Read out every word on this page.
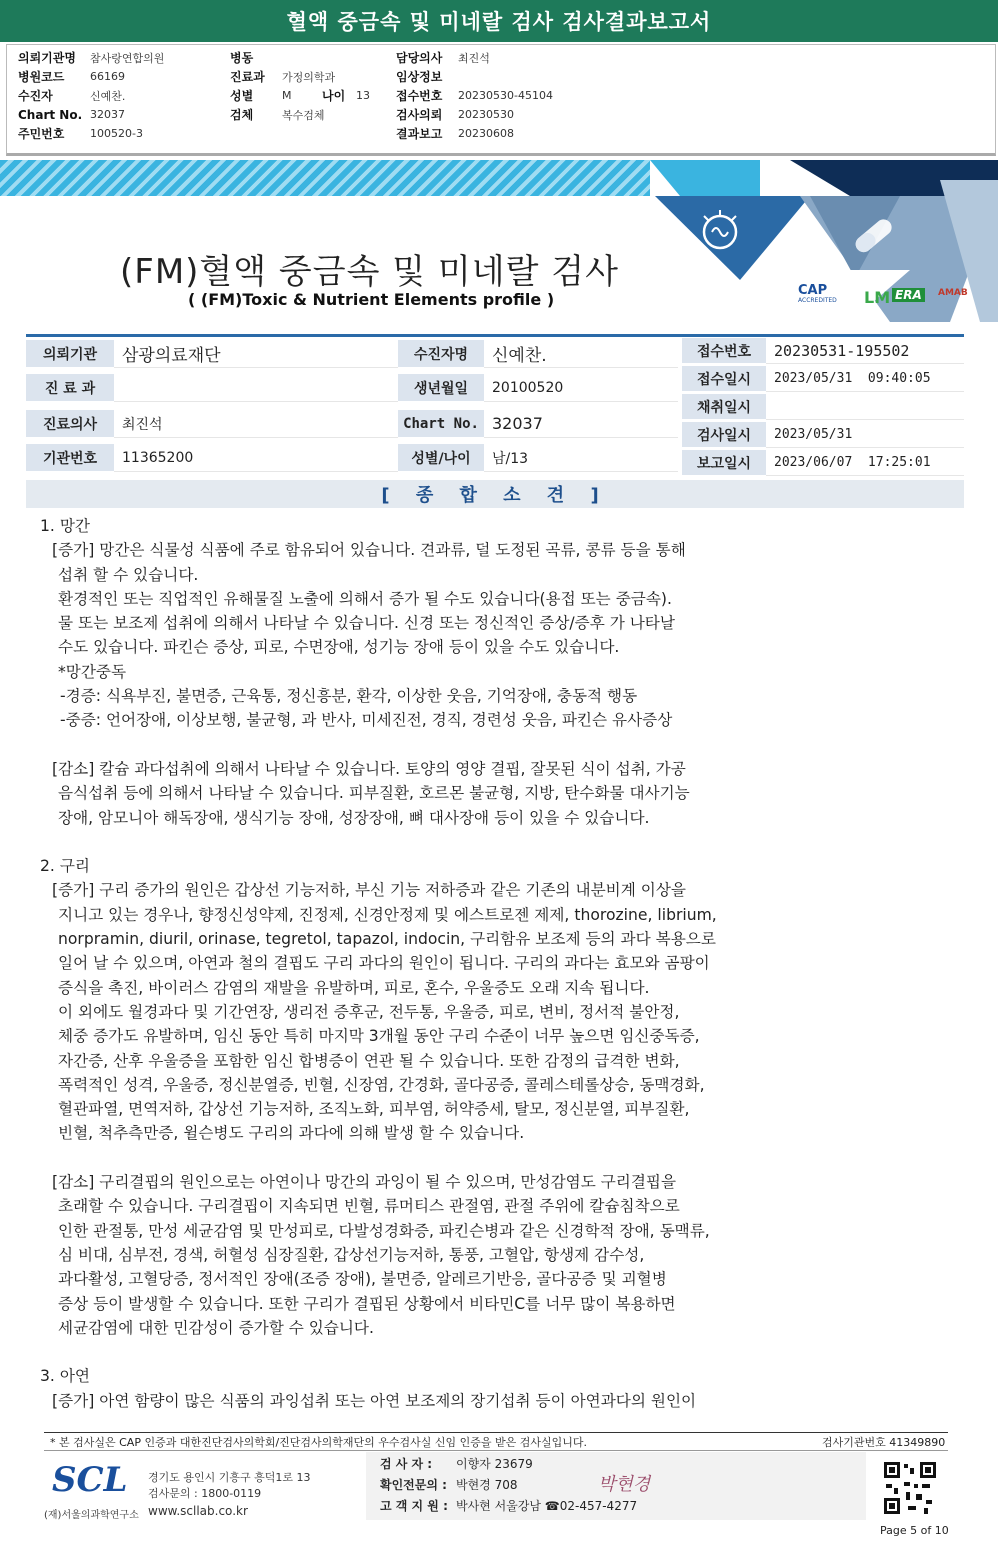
혈액 중금속 및 미네랄 검사 검사결과보고서
의뢰기관명	참사랑연합의원
병원코드	66169
수진자	신예찬.
Chart No. 32037
주민번호	100520-3
병동
진료과	가정의학과
성별	M	나이 13
검체	복수검체
담당의사	최진석
임상정보
접수번호	20230530-45104
검사의뢰	20230530
결과보고	20230608
CAP
ACCREDITED LM ERA	AMAB
(FM)혈액 중금속 및 미네랄 검사
( (FM)Toxic & Nutrient Elements profile )
의뢰기관	삼광의료재단
진 료 과
진료의사	최진석
기관번호	11365200
수진자명	신예찬.
생년월일	20100520
Chart No. 32037
성별/나이	남/13
접수번호	20230531-195502
접수일시	2023/05/31  09:40:05
채취일시
검사일시	2023/05/31
보고일시	2023/06/07  17:25:01
[ 종 합 소 견 ]
1. 망간
[증가] 망간은 식물성 식품에 주로 함유되어 있습니다. 견과류, 덜 도정된 곡류, 콩류 등을 통해
섭취 할 수 있습니다.
환경적인 또는 직업적인 유해물질 노출에 의해서 증가 될 수도 있습니다(용접 또는 중금속).
물 또는 보조제 섭취에 의해서 나타날 수 있습니다. 신경 또는 정신적인 증상/증후 가 나타날
수도 있습니다. 파킨슨 증상, 피로, 수면장애, 성기능 장애 등이 있을 수도 있습니다.
*망간중독
-경증: 식욕부진, 불면증, 근육통, 정신흥분, 환각, 이상한 웃음, 기억장애, 충동적 행동
-중증: 언어장애, 이상보행, 불균형, 과 반사, 미세진전, 경직, 경련성 웃음, 파킨슨 유사증상
[감소] 칼슘 과다섭취에 의해서 나타날 수 있습니다. 토양의 영양 결핍, 잘못된 식이 섭취, 가공
음식섭취 등에 의해서 나타날 수 있습니다. 피부질환, 호르몬 불균형, 지방, 탄수화물 대사기능
장애, 암모니아 해독장애, 생식기능 장애, 성장장애, 뼈 대사장애 등이 있을 수 있습니다.
2. 구리
[증가] 구리 증가의 원인은 갑상선 기능저하, 부신 기능 저하증과 같은 기존의 내분비계 이상을
지니고 있는 경우나, 향정신성약제, 진정제, 신경안정제 및 에스트로젠 제제, thorozine, librium,
norpramin, diuril, orinase, tegretol, tapazol, indocin, 구리함유 보조제 등의 과다 복용으로
일어 날 수 있으며, 아연과 철의 결핍도 구리 과다의 원인이 됩니다. 구리의 과다는 효모와 곰팡이
증식을 촉진, 바이러스 감염의 재발을 유발하며, 피로, 혼수, 우울증도 오래 지속 됩니다.
이 외에도 월경과다 및 기간연장, 생리전 증후군, 전두통, 우울증, 피로, 변비, 정서적 불안정,
체중 증가도 유발하며, 임신 동안 특히 마지막 3개월 동안 구리 수준이 너무 높으면 임신중독증,
자간증, 산후 우울증을 포함한 임신 합병증이 연관 될 수 있습니다. 또한 감정의 급격한 변화,
폭력적인 성격, 우울증, 정신분열증, 빈혈, 신장염, 간경화, 골다공증, 콜레스테롤상승, 동맥경화,
혈관파열, 면역저하, 갑상선 기능저하, 조직노화, 피부염, 허약증세, 탈모, 정신분열, 피부질환,
빈혈, 척추측만증, 윌슨병도 구리의 과다에 의해 발생 할 수 있습니다.
[감소] 구리결핍의 원인으로는 아연이나 망간의 과잉이 될 수 있으며, 만성감염도 구리결핍을
초래할 수 있습니다. 구리결핍이 지속되면 빈혈, 류머티스 관절염, 관절 주위에 칼슘침착으로
인한 관절통, 만성 세균감염 및 만성피로, 다발성경화증, 파킨슨병과 같은 신경학적 장애, 동맥류,
심 비대, 심부전, 경색, 허혈성 심장질환, 갑상선기능저하, 통풍, 고혈압, 항생제 감수성,
과다활성, 고혈당증, 정서적인 장애(조증 장애), 불면증, 알레르기반응, 골다공증 및 괴혈병
증상 등이 발생할 수 있습니다. 또한 구리가 결핍된 상황에서 비타민C를 너무 많이 복용하면
세균감염에 대한 민감성이 증가할 수 있습니다.
3. 아연
[증가] 아연 함량이 많은 식품의 과잉섭취 또는 아연 보조제의 장기섭취 등이 아연과다의 원인이
* 본 검사실은 CAP 인증과 대한진단검사의학회/진단검사의학재단의 우수검사실 신임 인증을 받은 검사실입니다.	검사기관번호 41349890
SCL
(재)서울의과학연구소
경기도 용인시 기흥구 흥덕1로 13
검사문의 : 1800-0119
www.scllab.co.kr
검 사 자 : 이향자 23679
확인전문의 : 박현경 708
고 객 지 원 : 박사현 서울강남 ☎02-457-4277
박현경
Page 5 of 10
